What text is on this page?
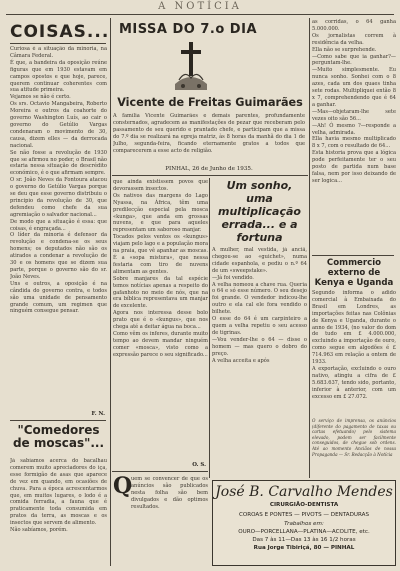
A NOTÍCIA
COISAS...
Curiosa é a situação da minoria, na Câmara Federal.
É que, a bandeira da oposição reúne figuras que em 1930 estavam em campos opostos e que hoje, parece, querem continuar coherentes com sua atitude primeira.
Vejamos se não é certo.
Os srs. Octavio Mangabeira, Roberto Moreira e outros da coahorte do governo Washington Luís, ao cair o governo do Getúlio Vargas condenaram o movimento de 30, causa, dizem elles — da derrocada nacional.
Se não fosse a revolução de 1930 que se afirmou no poder, o Brasil não estaria nessa situação de descrédito económico, é o que afirmam sempre.
O sr. João Neves da Fontoura atacou o governo do Getúlio Vargas porque se deu que esse governo distribuiu o principio da revolução de 30, que defendeu como chefe da sua agremiação o salvador nacional...
De modo que a situação é essa: que coisas, é engraçada...
O líder da minoria é defensor da revolução e condena-se os seus homens; os deputados não são os atirados a condenar a revolução de 30 e os homens que se dizem sua parte, porque o governo são do sr. João Neves.
Uns e outros, a oposição é na cândida do governo contra, e todos são uma unidade de pensamento grande comum, um regimen que ninguém consegue pensar.
F. N.
"Comedores de moscas"...
Já sabíamos acerca do bacalhau comerem muito apreciadores do iça, esse formigão de asas que aparece de vez em quando, em ocasiões de chuva. Para a época acrescentarmos que, em muitos lugares, o lodo é a comida ferradia, a fauna que é praticamente toda consumida em pratos da terra, as moscas e os insectos que servem de alimento.
Não sabíamos, porém.
MISSA DO 7.o DIA
Vicente de Freitas Guimarães
A família Vicente Guimarães e demais parentes, profundamente consternados, agradecem as manifestações de pezar que receberam pelo passamento de seu querido e prantado chefe, e participam que a missa do 7.º dia se realizará na egreja matriz, às 8 horas da manhã do dia 1 de Julho, segunda-feira, ficando eternamente gratos a todos que comparecerem a esse acto de religião.
PINHAL, 26 de Junho de 1935.
que ainda existissem povos que devorassem insectos.
Os nativos das margens do Lago Nyassa, na África, têm uma predilecção especial pela mosca «kunga», que anda em grossas nuvens, e que para aqueles representam um saboroso manjar.
Tocados pelos ventos os «kungus» viajam pelo lago e a população mora na praia, que vê apanhar as moscas. É a «sopa mistura», que nessa festaria com tiro de nuvens alimentam as gentes.
Sobre manjares da tal espécie temos notícias apenas a respeito do gafanhoto no meio de nós, que na era bíblica representava um manjar de excelente.
Agora nos interessa desse bolo prato que é o «kungus», que nos chega até a deitar água na boca...
Como vêm os inferes, durante muito tempo ao devem mandar ninguém comer «mosca», visto como a expressão parece o seu significado...
O. S.
Q
uem se convencer de que os anúncios são publicados nesta folha são bem divulgados e dão optimos resultados.
Um sonho, uma multiplicação errada... e a fortuna
A mulher, mal vestida, já anciã, chegou-se ao «guichet», numa cidade espanhola, e pediu o n.º 64 de um «sweepstake».
—Já foi vendido.
A velha nomeou a chave rua. Queria o 64 e só esse número. O seu desejo foi grande. O vendedor indicou-lhe outro e ela cal ele fora vendido o bilhete.
O esse do 64 é um carpinteiro a quem a velha repetiu o seu acesso de tigrinas.
—Vou vender-lhe o 64 — disse o homem — mas quero o dobro do preço.
A velha acceita e após
as corridas, o 64 ganha 5.000.000.
Os jornalistas correm à residência da velha.
Ella não se surprehende.
—Como sabe que ia ganhar?—perguntam-lhe.
—Muito simplesmente. Eu nunca sonho. Sonhei com o 8 azes, cada um dos quaes tinha sete rodas. Multipliquei então 8 x 7, comprehendendo que é 64 a ganhar.
—Mas—objetaram-lhe sete vezes oito são 56...
—Ah! Ó mesmo ?—responde a velha, admirada.
Ella havia mesmo multiplicado 8 x 7, com o resultado de 64...
Esta historia prova que a lógica pode perfeitamente ter o seu posto de partida num base falsa, nem por isso deixando de ser logica...
Commercio externo de Kenya e Uganda
Segundo informa o adido comercial à Embaixada do Brasil em Londres, as importações feitas nas Colônias de Kenya e Uganda, durante o anno de 1934, (no valor do dom de tudo em £ 4.000.000, excluindo a importação de ouro, como segue em algodões é £ 714.963 em relação a ontem de 1933.
A exportação, excluindo o ouro nativo, atingiu a cifra de £ 5.683.637, tendo sido, portanto, inferior à anterior, com um excesso em £ 27.072.
O serviço de imprensa, os anúncios (diferente do pagamento de taxas ou cartas efetuando) pelo sistema elevado, podem ser facilmente conseguidos, de chegue sob ordens. Até ao momento Anciãos de nossa Propaganda — Sr. Redacção à Notícia
José B. Carvalho Mendes
CIRURGIÃO-DENTISTA
COROAS E PONTES — PIVOTS — DENTADURAS
Trabalhos em:
OURO—PORCELLANA—PLATINA—ACOLITE, etc.
Das 7 às 11—Das 13 às 16 1/2 horas
Rua Jorge Tibiriçá, 80 — PINHAL
